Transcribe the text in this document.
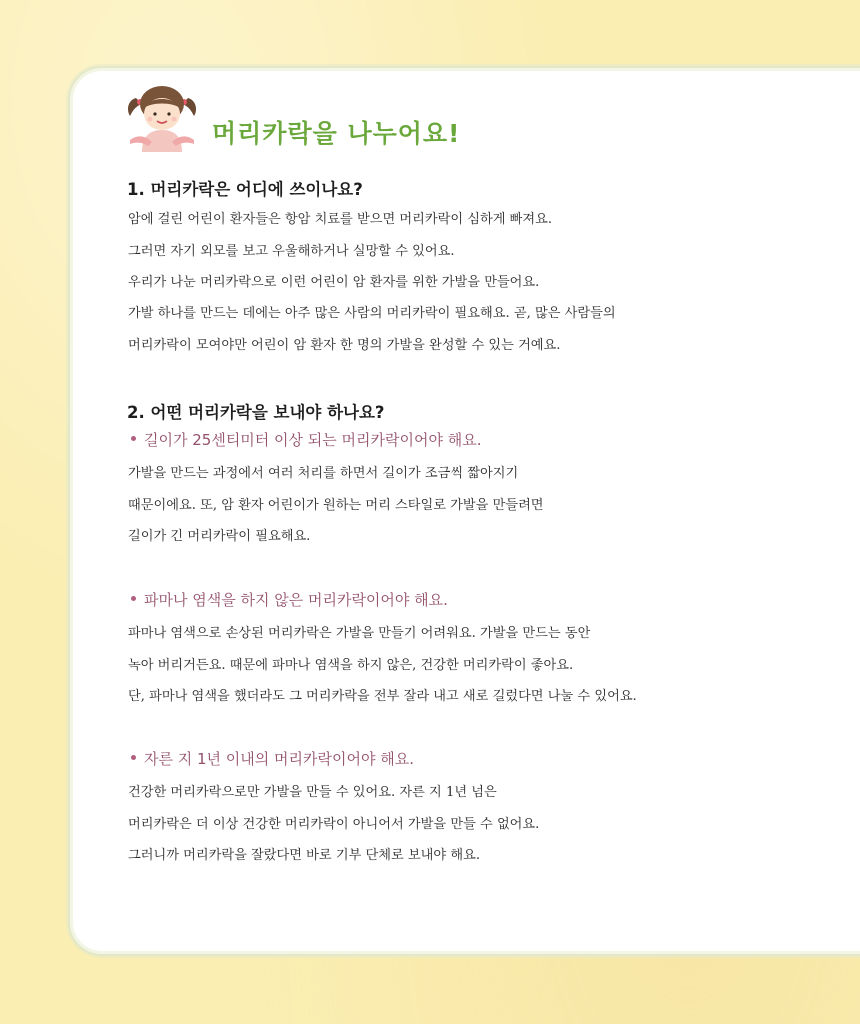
머리카락을 나누어요!
1. 머리카락은 어디에 쓰이나요?
암에 걸린 어린이 환자들은 항암 치료를 받으면 머리카락이 심하게 빠져요.
그러면 자기 외모를 보고 우울해하거나 실망할 수 있어요.
우리가 나눈 머리카락으로 이런 어린이 암 환자를 위한 가발을 만들어요.
가발 하나를 만드는 데에는 아주 많은 사람의 머리카락이 필요해요. 곧, 많은 사람들의
머리카락이 모여야만 어린이 암 환자 한 명의 가발을 완성할 수 있는 거예요.
2. 어떤 머리카락을 보내야 하나요?
길이가 25센티미터 이상 되는 머리카락이어야 해요.
가발을 만드는 과정에서 여러 처리를 하면서 길이가 조금씩 짧아지기
때문이에요. 또, 암 환자 어린이가 원하는 머리 스타일로 가발을 만들려면
길이가 긴 머리카락이 필요해요.
파마나 염색을 하지 않은 머리카락이어야 해요.
파마나 염색으로 손상된 머리카락은 가발을 만들기 어려워요. 가발을 만드는 동안
녹아 버리거든요. 때문에 파마나 염색을 하지 않은, 건강한 머리카락이 좋아요.
단, 파마나 염색을 했더라도 그 머리카락을 전부 잘라 내고 새로 길렀다면 나눌 수 있어요.
자른 지 1년 이내의 머리카락이어야 해요.
건강한 머리카락으로만 가발을 만들 수 있어요. 자른 지 1년 넘은
머리카락은 더 이상 건강한 머리카락이 아니어서 가발을 만들 수 없어요.
그러니까 머리카락을 잘랐다면 바로 기부 단체로 보내야 해요.
